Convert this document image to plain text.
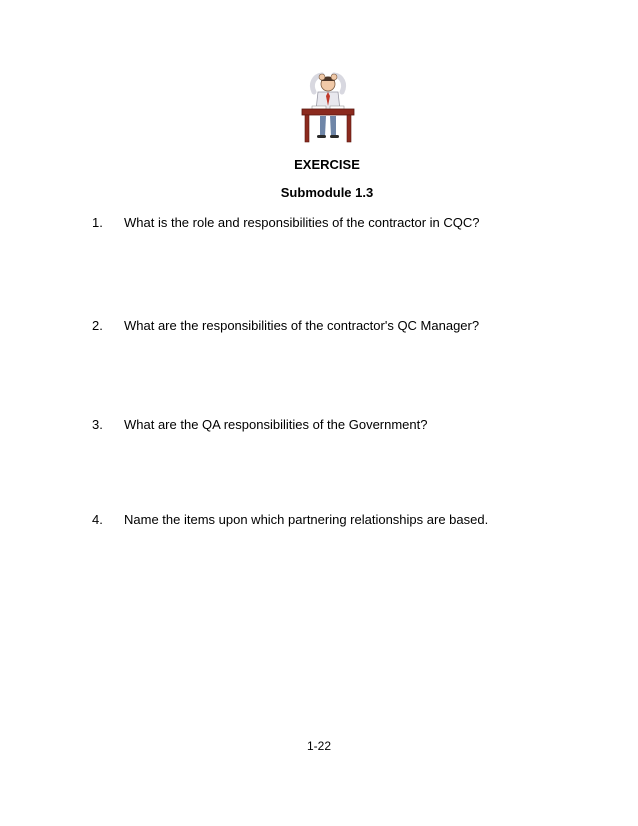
EXERCISE
Submodule 1.3
1. What is the role and responsibilities of the contractor in CQC?
2. What are the responsibilities of the contractor's QC Manager?
3. What are the QA responsibilities of the Government?
4. Name the items upon which partnering relationships are based.
1-22
